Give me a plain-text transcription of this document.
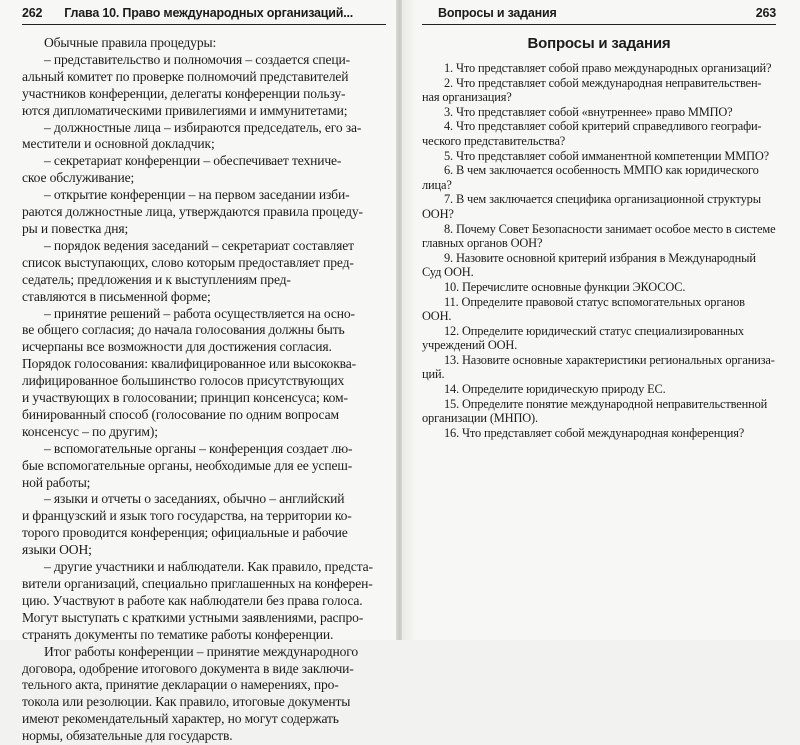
262	Глава 10. Право международных организаций...

Обычные правила процедуры:

– представительство и полномочия – создается специ-
альный комитет по проверке полномочий представителей
участников конференции, делегаты конференции пользу-
ются дипломатическими привилегиями и иммунитетами;

– должностные лица – избираются председатель, его за-
местители и основной докладчик;

– секретариат конференции – обеспечивает техниче-
ское обслуживание;

– открытие конференции – на первом заседании изби-
раются должностные лица, утверждаются правила процеду-
ры и повестка дня;

– порядок ведения заседаний – секретариат составляет
список выступающих, слово которым предоставляет пред-
седатель; предложения и к выступлениям пред-
ставляются в письменной форме;

– принятие решений – работа осуществляется на осно-
ве общего согласия; до начала голосования должны быть
исчерпаны все возможности для достижения согласия.
Порядок голосования: квалифицированное или высококва-
лифицированное большинство голосов присутствующих
и участвующих в голосовании; принцип консенсуса; ком-
бинированный способ (голосование по одним вопросам
консенсус – по другим);

– вспомогательные органы – конференция создает лю-
бые вспомогательные органы, необходимые для ее успеш-
ной работы;

– языки и отчеты о заседаниях, обычно – английский
и французский и язык того государства, на территории ко-
торого проводится конференция; официальные и рабочие
языки ООН;

– другие участники и наблюдатели. Как правило, предста-
вители организаций, специально приглашенных на конферен-
цию. Участвуют в работе как наблюдатели без права голоса.
Могут выступать с краткими устными заявлениями, распро-
странять документы по тематике работы конференции.

Итог работы конференции – принятие международного
договора, одобрение итогового документа в виде заключи-
тельного акта, принятие декларации о намерениях, про-
токола или резолюции. Как правило, итоговые документы
имеют рекомендательный характер, но могут содержать
нормы, обязательные для государств.

Вопросы и задания	263
Вопросы и задания

1. Что представляет собой право международных организаций?

2. Что представляет собой международная неправительствен-
ная организация?

3. Что представляет собой «внутреннее» право ММПО?

4. Что представляет собой критерий справедливого географи-
ческого представительства?

5. Что представляет собой имманентной компетенции ММПО?

6. В чем заключается особенность ММПО как юридического
лица?

7. В чем заключается специфика организационной структуры
ООН?

8. Почему Совет Безопасности занимает особое место в системе
главных органов ООН?

9. Назовите основной критерий избрания в Международный
Суд ООН.

10. Перечислите основные функции ЭКОСОС.

11. Определите правовой статус вспомогательных органов ООН.

12. Определите юридический статус специализированных
учреждений ООН.

13. Назовите основные характеристики региональных организа-
ций.

14. Определите юридическую природу ЕС.

15. Определите понятие международной неправительственной
организации (МНПО).

16. Что представляет собой международная конференция?
